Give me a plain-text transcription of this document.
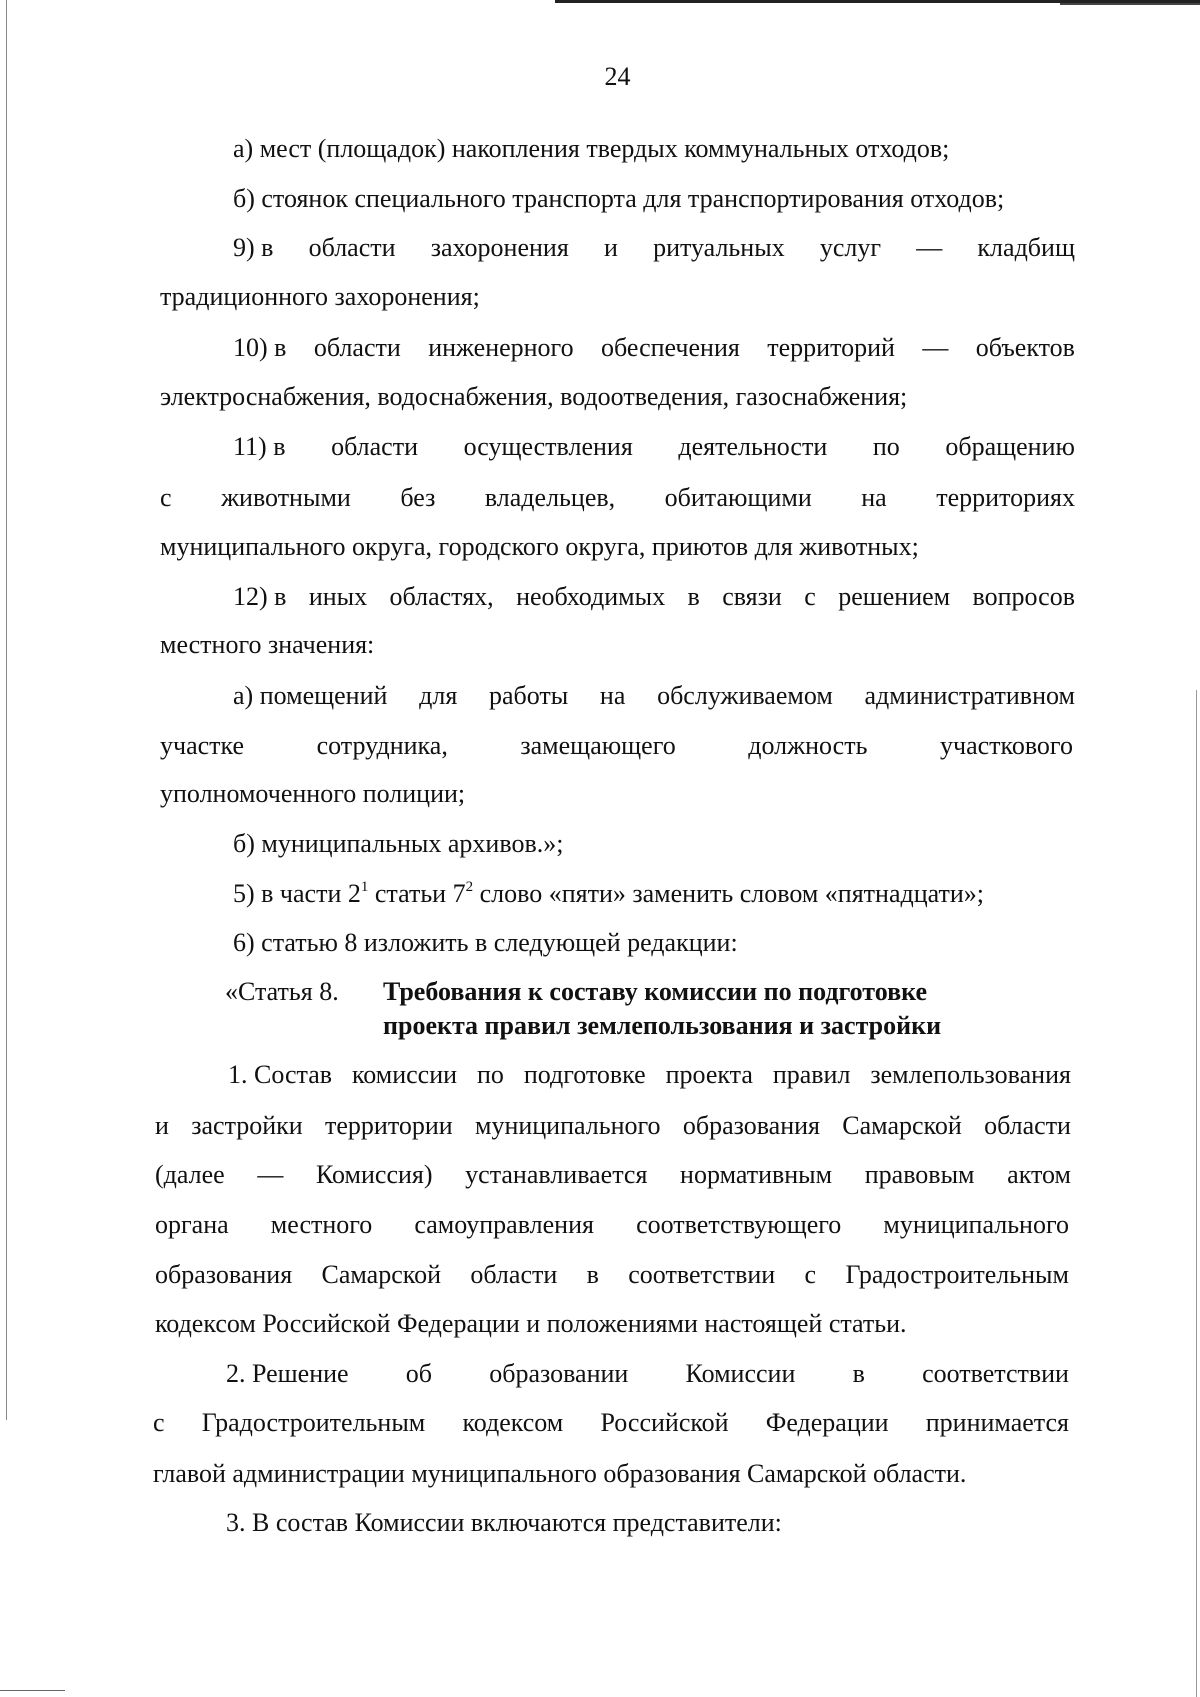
24
а) мест (площадок) накопления твердых коммунальных отходов;
б) стоянок специального транспорта для транспортирования отходов;
9) в области захоронения и ритуальных услуг — кладбищ
традиционного захоронения;
10) в области инженерного обеспечения территорий — объектов
электроснабжения, водоснабжения, водоотведения, газоснабжения;
11) в области осуществления деятельности по обращению
с животными без владельцев, обитающими на территориях
муниципального округа, городского округа, приютов для животных;
12) в иных областях, необходимых в связи с решением вопросов
местного значения:
а) помещений для работы на обслуживаемом административном
участке	сотрудника,	замещающего	должность	участкового
уполномоченного полиции;
б) муниципальных архивов.»;
5) в части $2^1$ статьи $7^2$ слово «пяти» заменить словом «пятнадцати»;
6) статью 8 изложить в следующей редакции:
«Статья 8. Требования к составу комиссии по подготовке
проекта правил землепользования и застройки
1. Состав комиссии по подготовке проекта правил землепользования
и застройки территории муниципального образования Самарской области
(далее — Комиссия) устанавливается нормативным правовым актом
органа местного самоуправления соответствующего муниципального
образования Самарской области в соответствии с Градостроительным
кодексом Российской Федерации и положениями настоящей статьи.
2. Решение об образовании Комиссии в соответствии
с Градостроительным кодексом Российской Федерации принимается
главой администрации муниципального образования Самарской области.
3. В состав Комиссии включаются представители:
